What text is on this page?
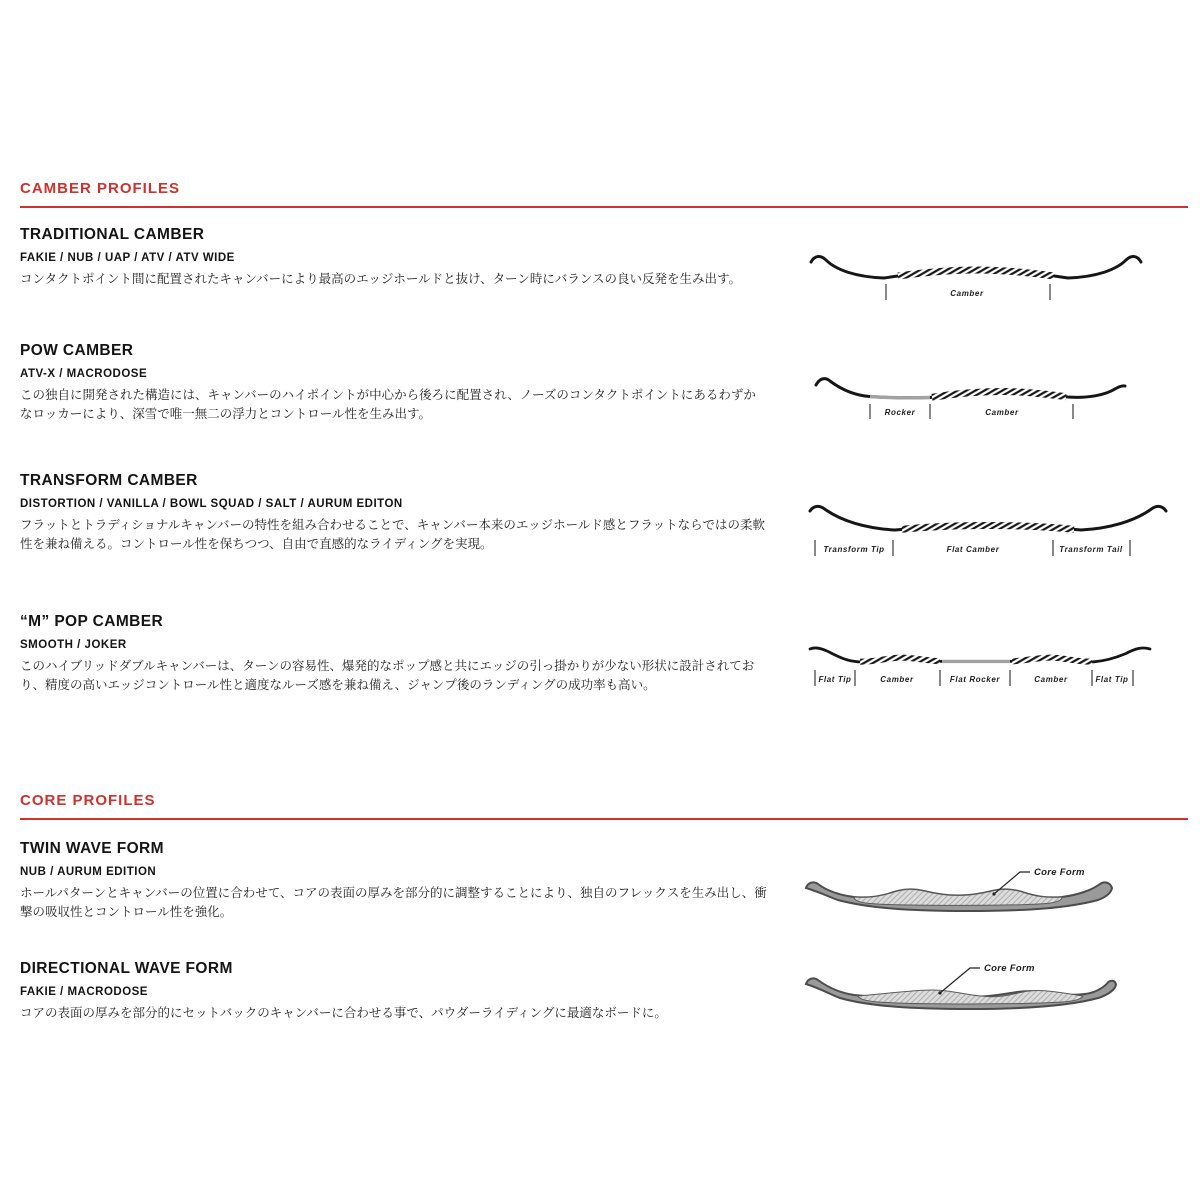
CAMBER PROFILES
TRADITIONAL CAMBER
FAKIE / NUB / UAP / ATV / ATV WIDE
コンタクトポイント間に配置されたキャンバーにより最高のエッジホールドと抜け、ターン時にバランスの良い反発を生み出す。
Camber
POW CAMBER
ATV-X / MACRODOSE
この独自に開発された構造には、キャンバーのハイポイントが中心から後ろに配置され、ノーズのコンタクトポイントにあるわずかなロッカーにより、深雪で唯一無二の浮力とコントロール性を生み出す。	Rocker	Camber
TRANSFORM CAMBER
DISTORTION / VANILLA / BOWL SQUAD / SALT / AURUM EDITON
フラットとトラディショナルキャンバーの特性を組み合わせることで、キャンバー本来のエッジホールド感とフラットならではの柔軟性を兼ね備える。コントロール性を保ちつつ、自由で直感的なライディングを実現。	Transform Tip	Flat Camber	Transform Tail
“M” POP CAMBER
SMOOTH / JOKER
このハイブリッドダブルキャンバーは、ターンの容易性、爆発的なポップ感と共にエッジの引っ掛かりが少ない形状に設計されており、精度の高いエッジコントロール性と適度なルーズ感を兼ね備え、ジャンプ後のランディングの成功率も高い。	Flat Tip	Camber	Flat Rocker	Camber	Flat Tip
CORE PROFILES
TWIN WAVE FORM
NUB / AURUM EDITION
ホールパターンとキャンバーの位置に合わせて、コアの表面の厚みを部分的に調整することにより、独自のフレックスを生み出し、衝撃の吸収性とコントロール性を強化。
Core Form
DIRECTIONAL WAVE FORM
FAKIE / MACRODOSE
コアの表面の厚みを部分的にセットバックのキャンバーに合わせる事で、パウダーライディングに最適なボードに。
Core Form
